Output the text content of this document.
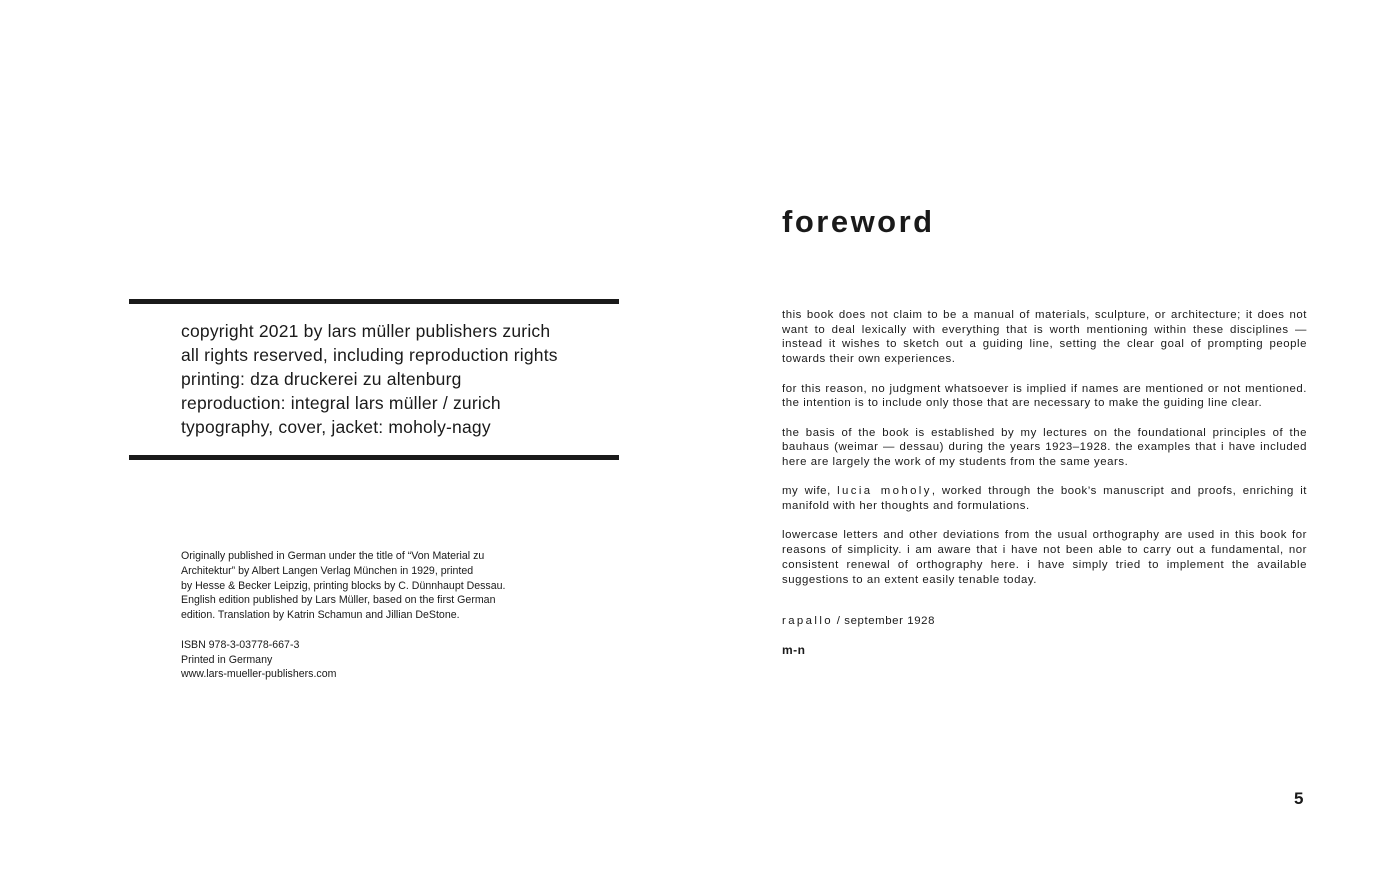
copyright 2021 by lars müller publishers zurich
all rights reserved, including reproduction rights
printing: dza druckerei zu altenburg
reproduction: integral lars müller / zurich
typography, cover, jacket: moholy-nagy
Originally published in German under the title of “Von Material zu
Architektur” by Albert Langen Verlag München in 1929, printed
by Hesse & Becker Leipzig, printing blocks by C. Dünnhaupt Dessau.
English edition published by Lars Müller, based on the first German
edition. Translation by Katrin Schamun and Jillian DeStone.
ISBN 978-3-03778-667-3
Printed in Germany
www.lars-mueller-publishers.com
foreword

this book does not claim to be a manual of materials, sculpture, or architecture; it does not want to deal lexically with everything that is worth mentioning within these disciplines — instead it wishes to sketch out a guiding line, setting the clear goal of prompting people towards their own experiences.

for this reason, no judgment whatsoever is implied if names are mentioned or not mentioned. the intention is to include only those that are necessary to make the guiding line clear.

the basis of the book is established by my lectures on the foundational principles of the bauhaus (weimar — dessau) during the years 1923–1928. the examples that i have included here are largely the work of my students from the same years.

my wife, lucia moholy, worked through the book’s manuscript and proofs, enriching it manifold with her thoughts and formulations.

lowercase letters and other deviations from the usual orthography are used in this book for reasons of simplicity. i am aware that i have not been able to carry out a fundamental, nor consistent renewal of orthography here. i have simply tried to implement the available suggestions to an extent easily tenable today.

rapallo / september 1928
m-n
5
